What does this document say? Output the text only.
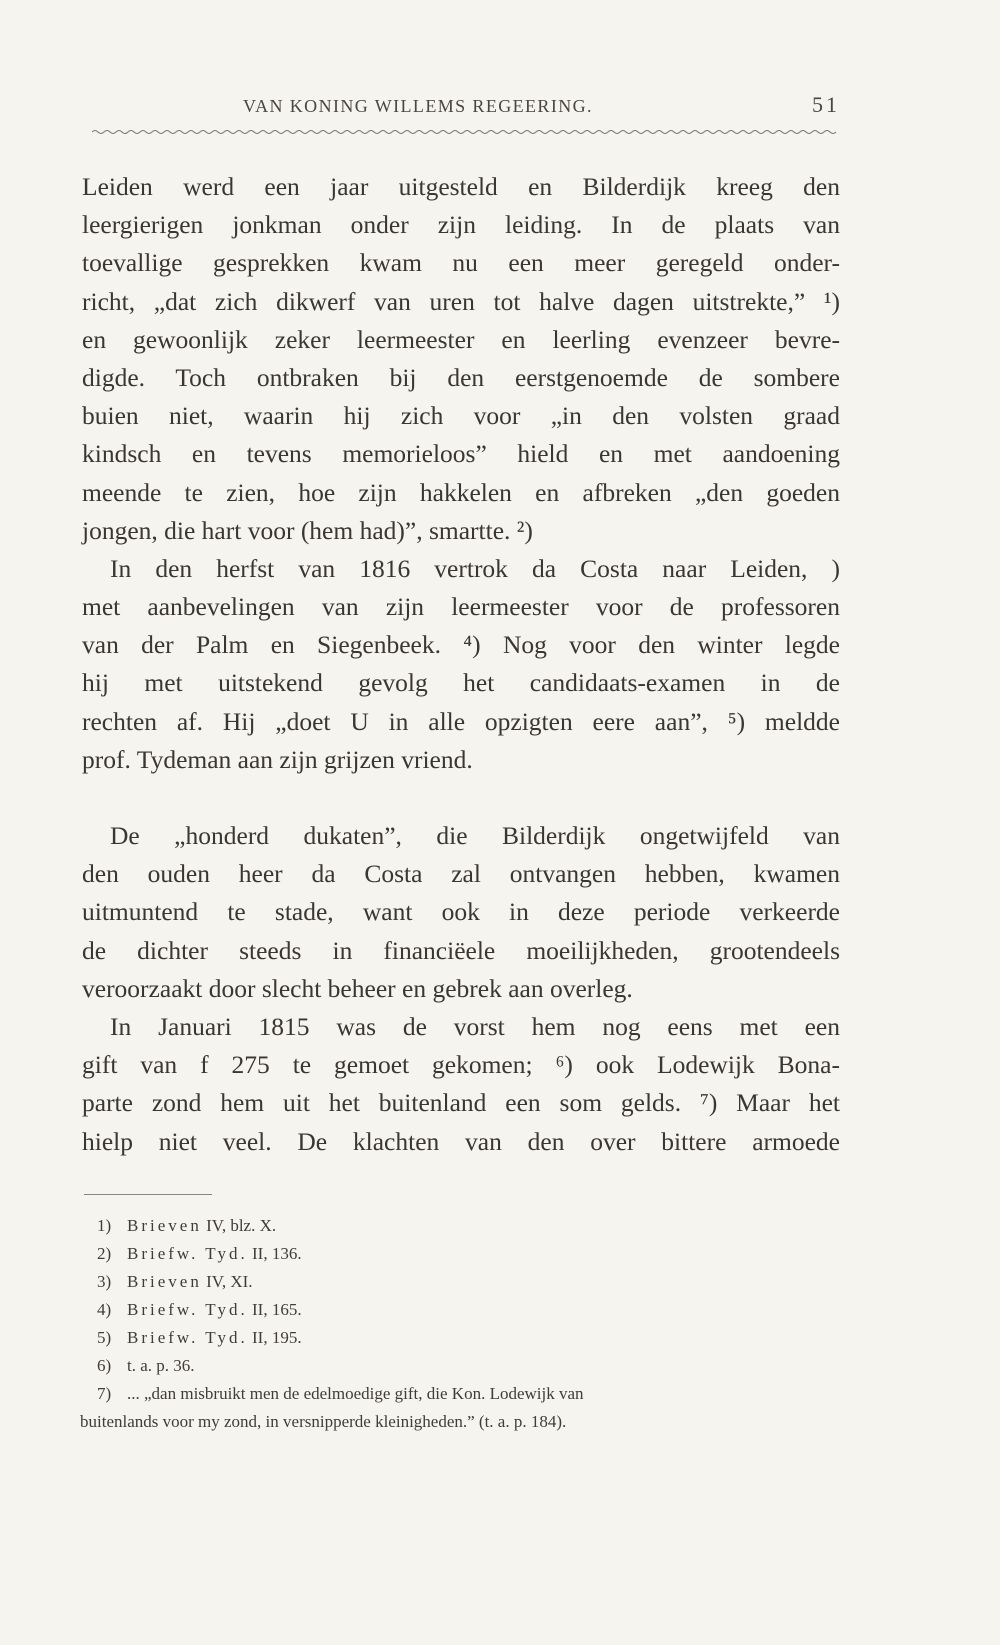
VAN KONING WILLEMS REGEERING.	51
Leiden werd een jaar uitgesteld en Bilderdijk kreeg den
leergierigen jonkman onder zijn leiding. In de plaats van
toevallige gesprekken kwam nu een meer geregeld onder-
richt, „dat zich dikwerf van uren tot halve dagen uitstrekte,” ¹)
en gewoonlijk zeker leermeester en leerling evenzeer bevre-
digde. Toch ontbraken bij den eerstgenoemde de sombere
buien niet, waarin hij zich voor „in den volsten graad
kindsch en tevens memorieloos” hield en met aandoening
meende te zien, hoe zijn hakkelen en afbreken „den goeden
jongen, die hart voor (hem had)”, smartte. ²)
In den herfst van 1816 vertrok da Costa naar Leiden, )
met aanbevelingen van zijn leermeester voor de professoren
van der Palm en Siegenbeek. ⁴) Nog voor den winter legde
hij met uitstekend gevolg het candidaats-examen in de
rechten af. Hij „doet U in alle opzigten eere aan”, ⁵) meldde
prof. Tydeman aan zijn grijzen vriend.
De „honderd dukaten”, die Bilderdijk ongetwijfeld van
den ouden heer da Costa zal ontvangen hebben, kwamen
uitmuntend te stade, want ook in deze periode verkeerde
de dichter steeds in financiëele moeilijkheden, grootendeels
veroorzaakt door slecht beheer en gebrek aan overleg.
In Januari 1815 was de vorst hem nog eens met een
gift van f 275 te gemoet gekomen; ⁶) ook Lodewijk Bona-
parte zond hem uit het buitenland een som gelds. ⁷) Maar het
hielp niet veel. De klachten van den over bittere armoede
1) Brieven IV, blz. X.
2) Briefw. Tyd. II, 136.
3) Brieven IV, XI.
4) Briefw. Tyd. II, 165.
5) Briefw. Tyd. II, 195.
6) t. a. p. 36.
7) ... „dan misbruikt men de edelmoedige gift, die Kon. Lodewijk van
buitenlands voor my zond, in versnipperde kleinigheden.” (t. a. p. 184).
